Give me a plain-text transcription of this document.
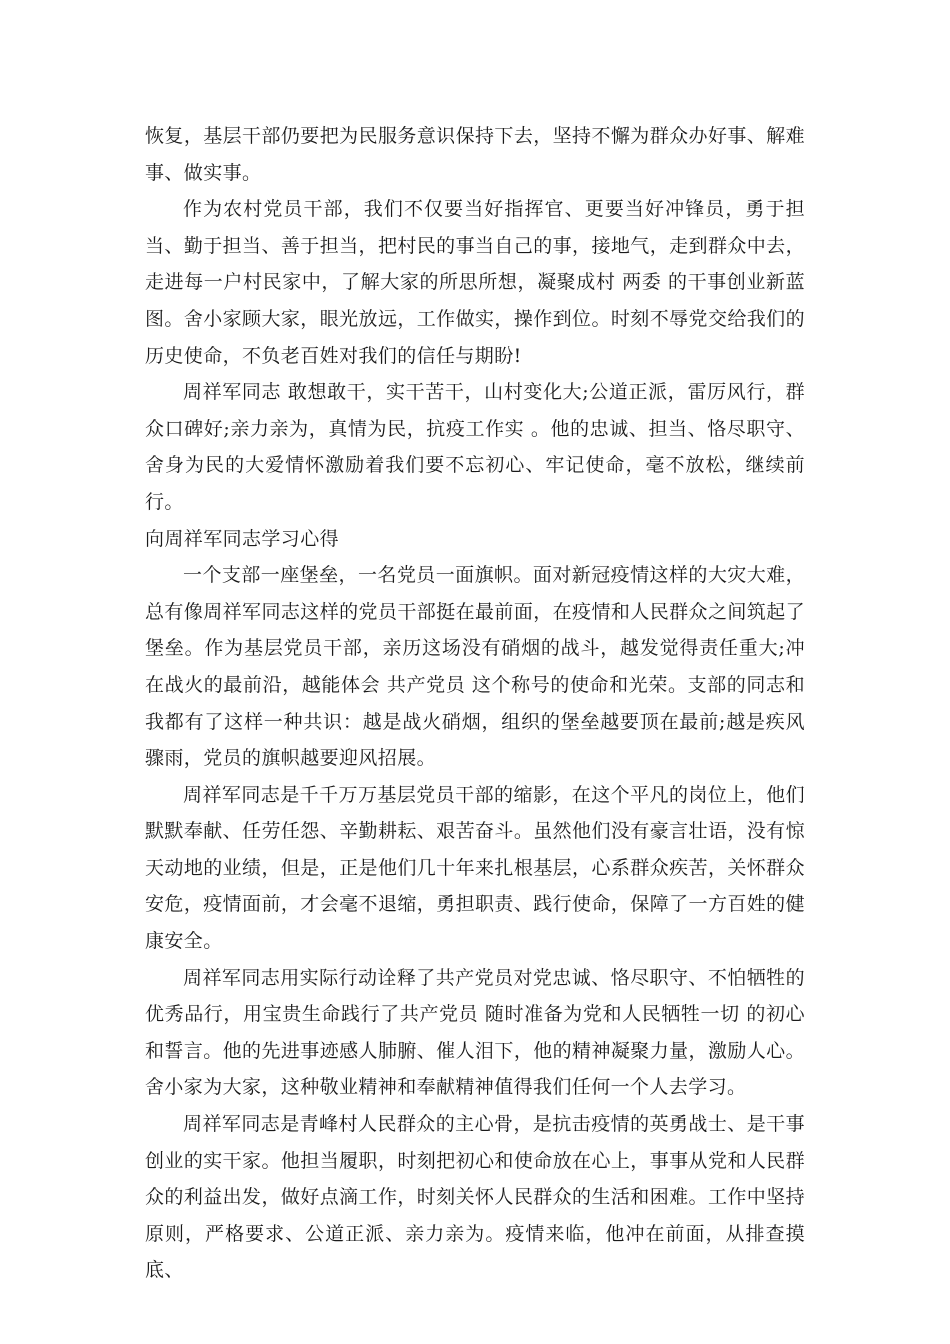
恢复，基层干部仍要把为民服务意识保持下去，坚持不懈为群众办好事、解难事、做实事。

作为农村党员干部，我们不仅要当好指挥官、更要当好冲锋员，勇于担当、勤于担当、善于担当，把村民的事当自己的事，接地气，走到群众中去，走进每一户村民家中，了解大家的所思所想，凝聚成村 两委 的干事创业新蓝图。舍小家顾大家，眼光放远，工作做实，操作到位。时刻不辱党交给我们的历史使命，不负老百姓对我们的信任与期盼!

周祥军同志 敢想敢干，实干苦干，山村变化大;公道正派，雷厉风行，群众口碑好;亲力亲为，真情为民，抗疫工作实 。他的忠诚、担当、恪尽职守、舍身为民的大爱情怀激励着我们要不忘初心、牢记使命，毫不放松，继续前行。

向周祥军同志学习心得

一个支部一座堡垒，一名党员一面旗帜。面对新冠疫情这样的大灾大难，总有像周祥军同志这样的党员干部挺在最前面，在疫情和人民群众之间筑起了堡垒。作为基层党员干部，亲历这场没有硝烟的战斗，越发觉得责任重大;冲在战火的最前沿，越能体会 共产党员 这个称号的使命和光荣。支部的同志和我都有了这样一种共识：越是战火硝烟，组织的堡垒越要顶在最前;越是疾风骤雨，党员的旗帜越要迎风招展。

周祥军同志是千千万万基层党员干部的缩影，在这个平凡的岗位上，他们默默奉献、任劳任怨、辛勤耕耘、艰苦奋斗。虽然他们没有豪言壮语，没有惊天动地的业绩，但是，正是他们几十年来扎根基层，心系群众疾苦，关怀群众安危，疫情面前，才会毫不退缩，勇担职责、践行使命，保障了一方百姓的健康安全。

周祥军同志用实际行动诠释了共产党员对党忠诚、恪尽职守、不怕牺牲的优秀品行，用宝贵生命践行了共产党员 随时准备为党和人民牺牲一切 的初心和誓言。他的先进事迹感人肺腑、催人泪下，他的精神凝聚力量，激励人心。舍小家为大家，这种敬业精神和奉献精神值得我们任何一个人去学习。

周祥军同志是青峰村人民群众的主心骨，是抗击疫情的英勇战士、是干事创业的实干家。他担当履职，时刻把初心和使命放在心上，事事从党和人民群众的利益出发，做好点滴工作，时刻关怀人民群众的生活和困难。工作中坚持原则，严格要求、公道正派、亲力亲为。疫情来临，他冲在前面，从排查摸底、
